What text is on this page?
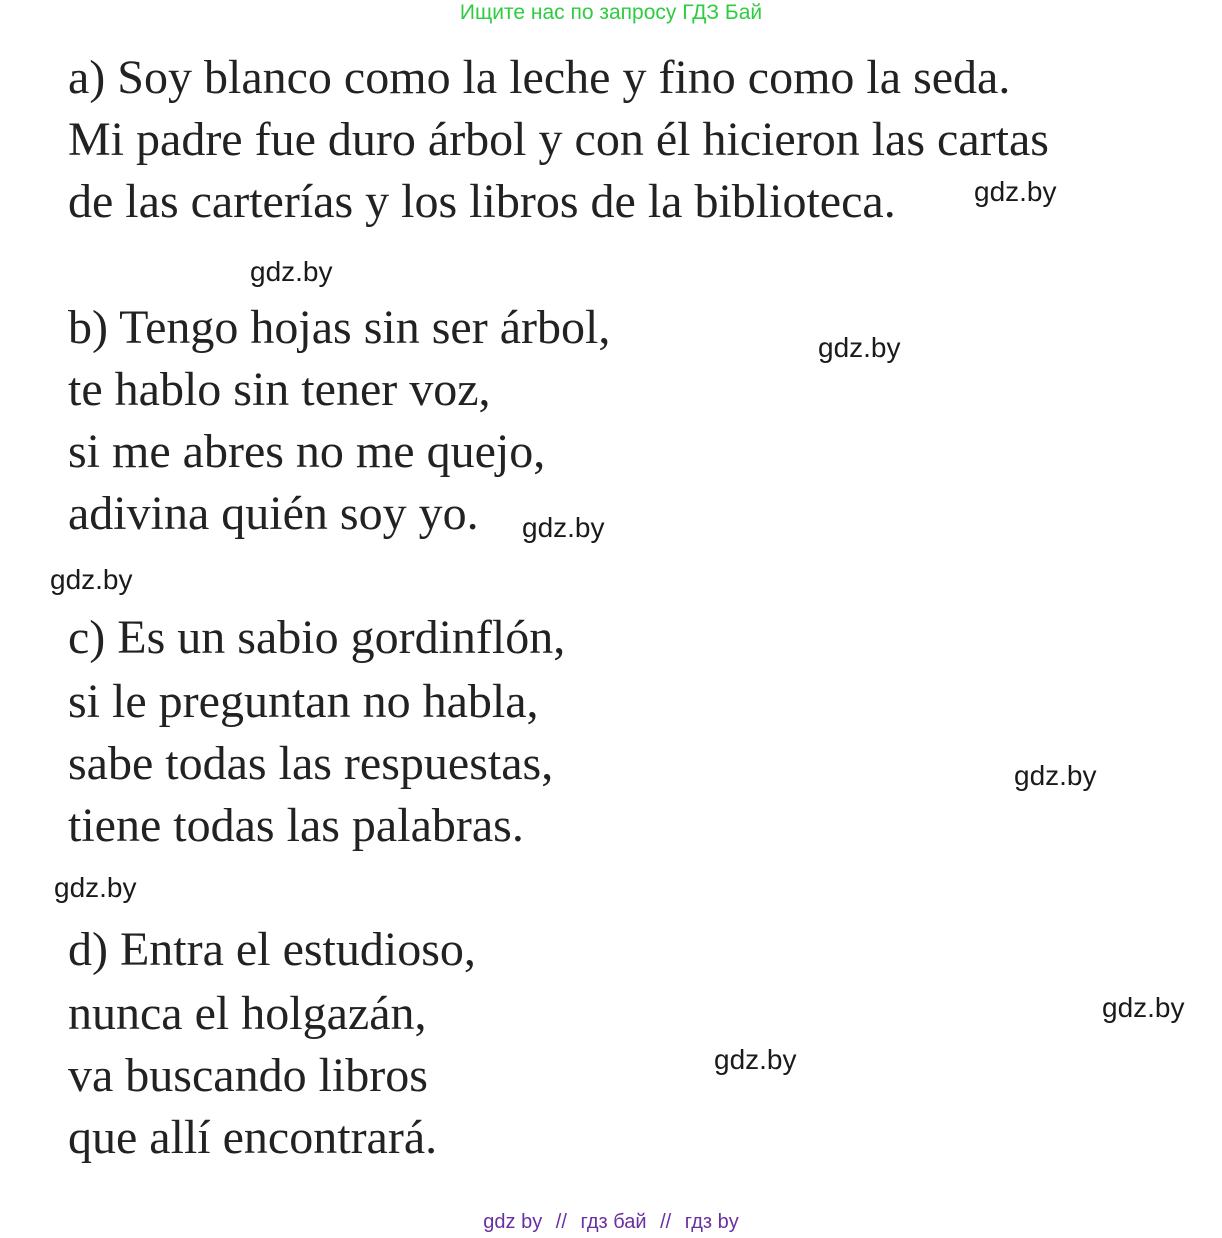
Ищите нас по запросу ГДЗ Бай

a) Soy blanco como la leche y fino como la seda.

Mi padre fue duro árbol y con él hicieron las cartas

de las carterías y los libros de la biblioteca.

b) Tengo hojas sin ser árbol,

te hablo sin tener voz,

si me abres no me quejo,

adivina quién soy yo.

c) Es un sabio gordinflón,

si le preguntan no habla,

sabe todas las respuestas,

tiene todas las palabras.

d) Entra el estudioso,

nunca el holgazán,

va buscando libros

que allí encontrará.

gdz.by
gdz.by
gdz.by
gdz.by
gdz.by
gdz.by
gdz.by
gdz.by
gdz.by
gdz by // гдз бай // гдз by
